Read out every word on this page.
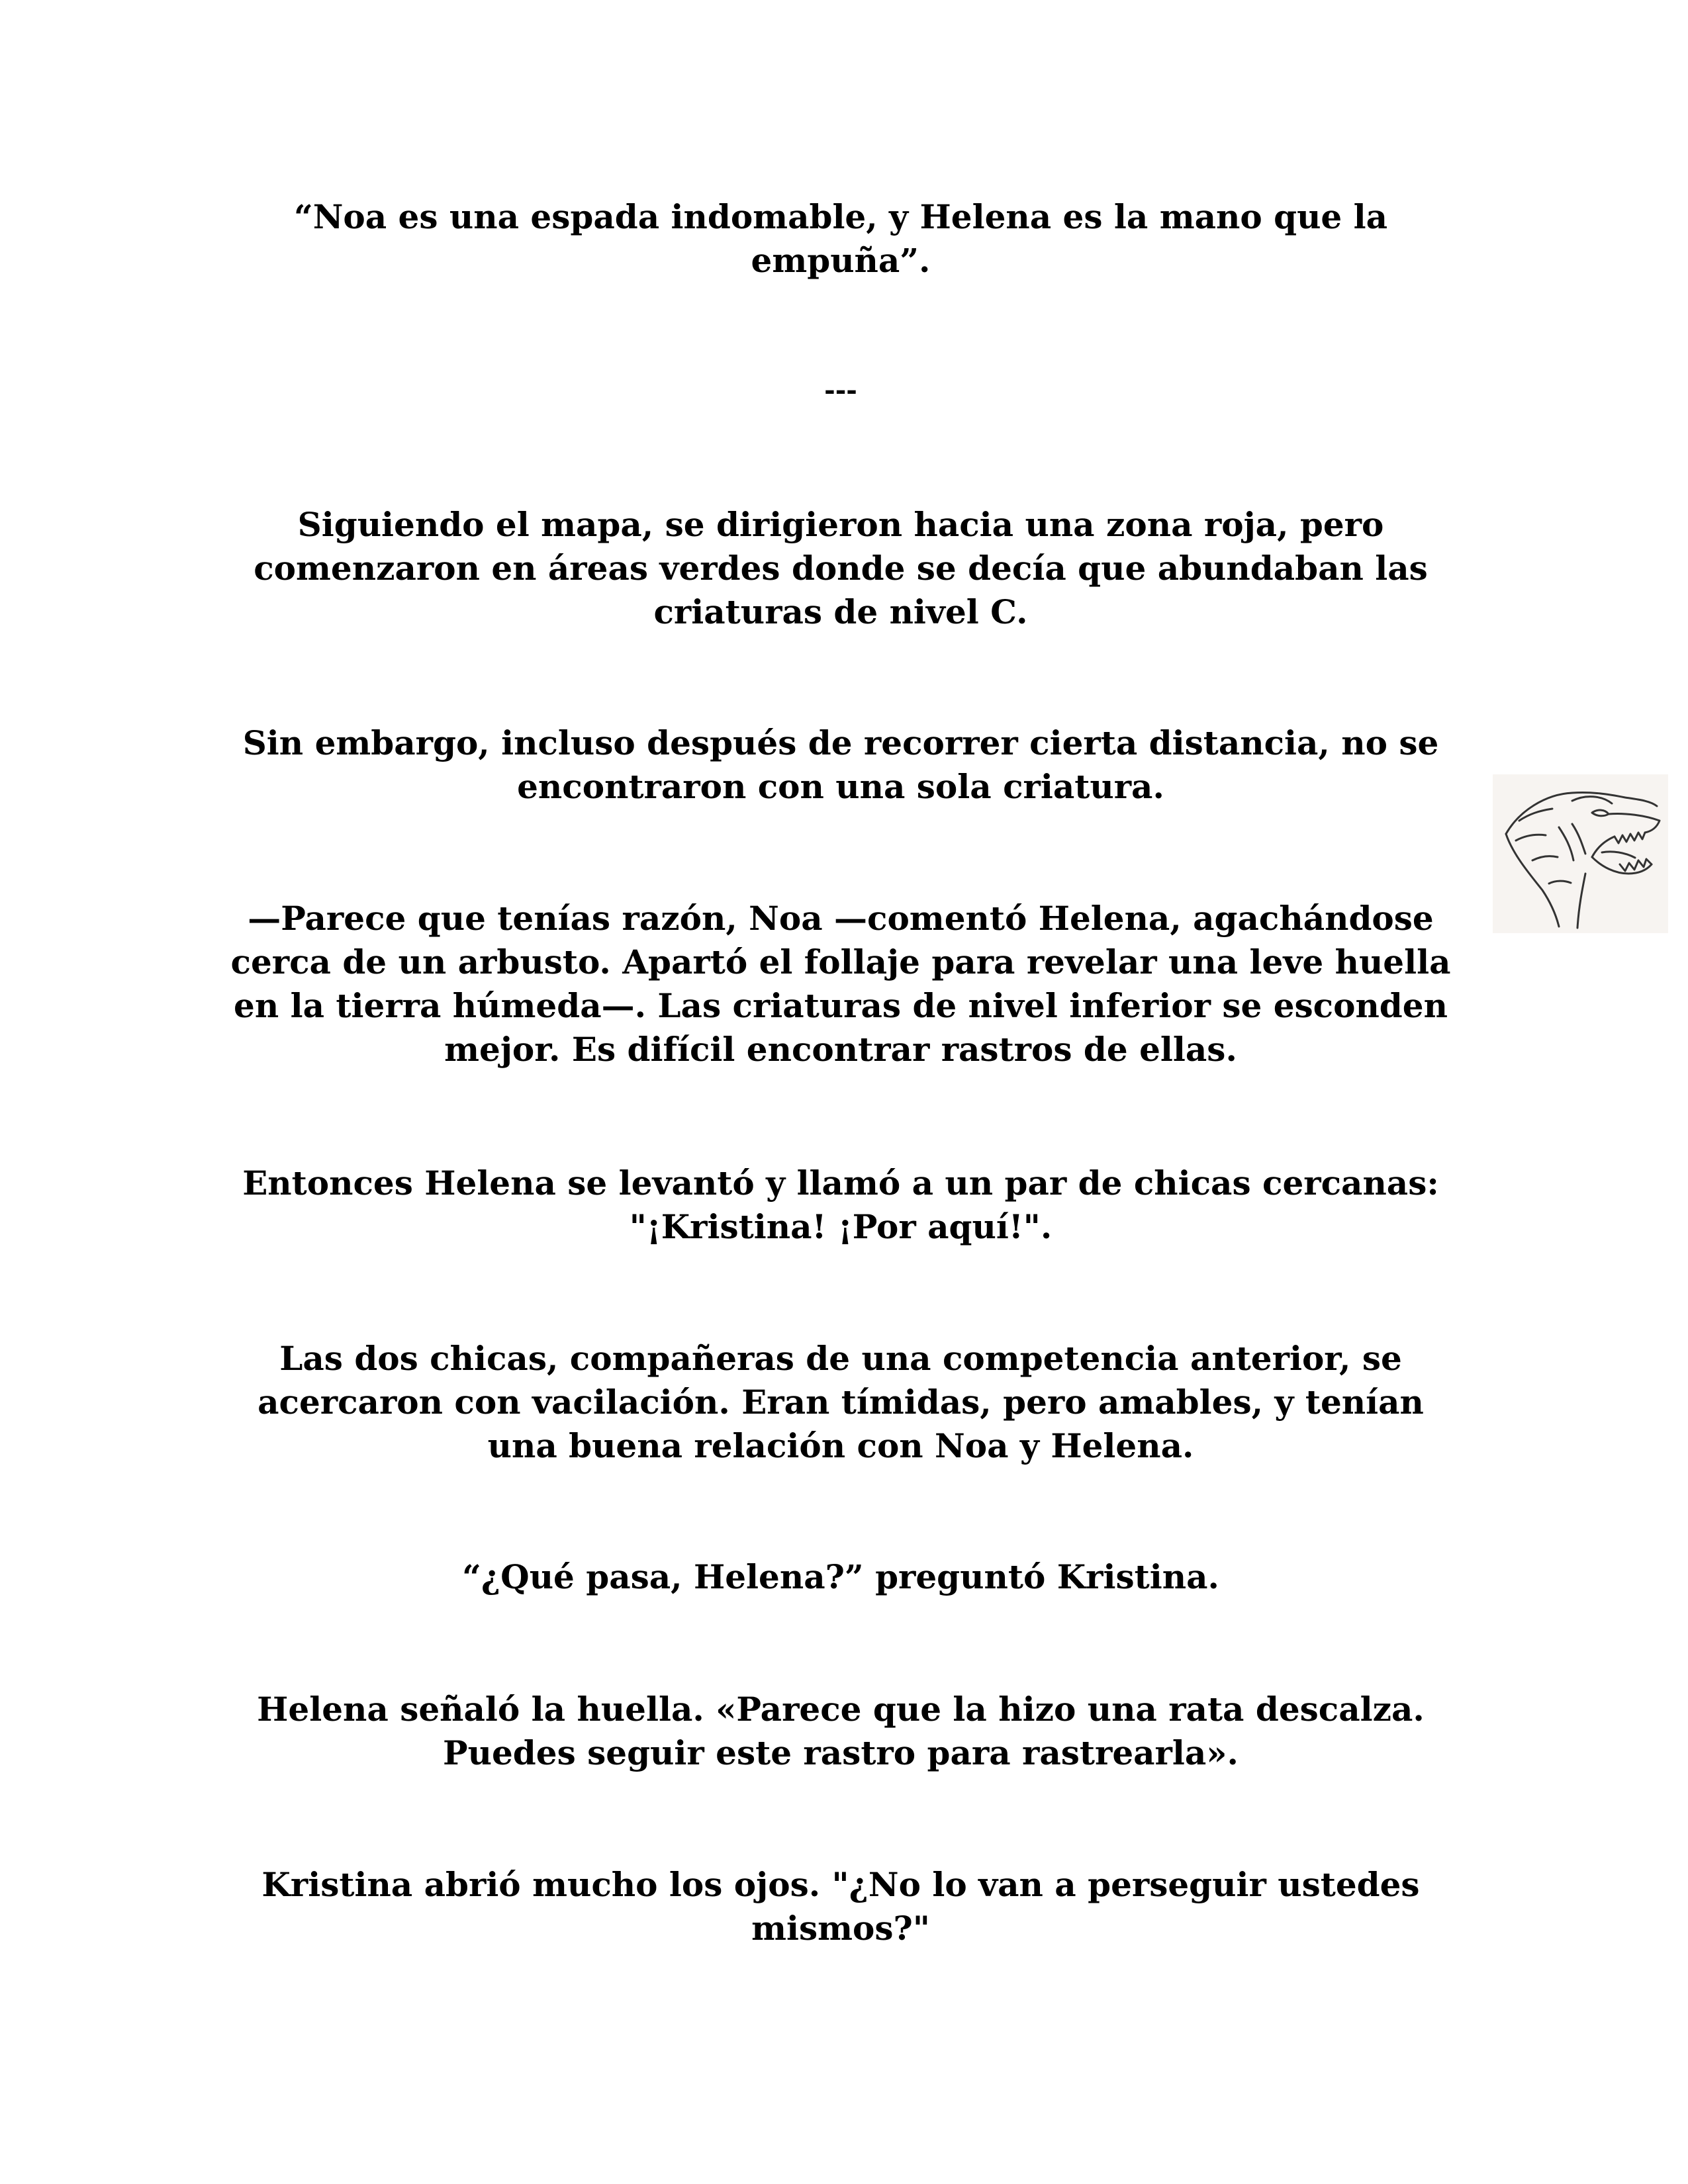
“Noa es una espada indomable, y Helena es la mano que la empuña”.

---

Siguiendo el mapa, se dirigieron hacia una zona roja, pero comenzaron en áreas verdes donde se decía que abundaban las criaturas de nivel C.

Sin embargo, incluso después de recorrer cierta distancia, no se encontraron con una sola criatura.

—Parece que tenías razón, Noa —comentó Helena, agachándose cerca de un arbusto. Apartó el follaje para revelar una leve huella en la tierra húmeda—. Las criaturas de nivel inferior se esconden mejor. Es difícil encontrar rastros de ellas.

Entonces Helena se levantó y llamó a un par de chicas cercanas: "¡Kristina! ¡Por aquí!".

Las dos chicas, compañeras de una competencia anterior, se acercaron con vacilación. Eran tímidas, pero amables, y tenían una buena relación con Noa y Helena.

“¿Qué pasa, Helena?” preguntó Kristina.

Helena señaló la huella. «Parece que la hizo una rata descalza. Puedes seguir este rastro para rastrearla».

Kristina abrió mucho los ojos. "¿No lo van a perseguir ustedes mismos?"
